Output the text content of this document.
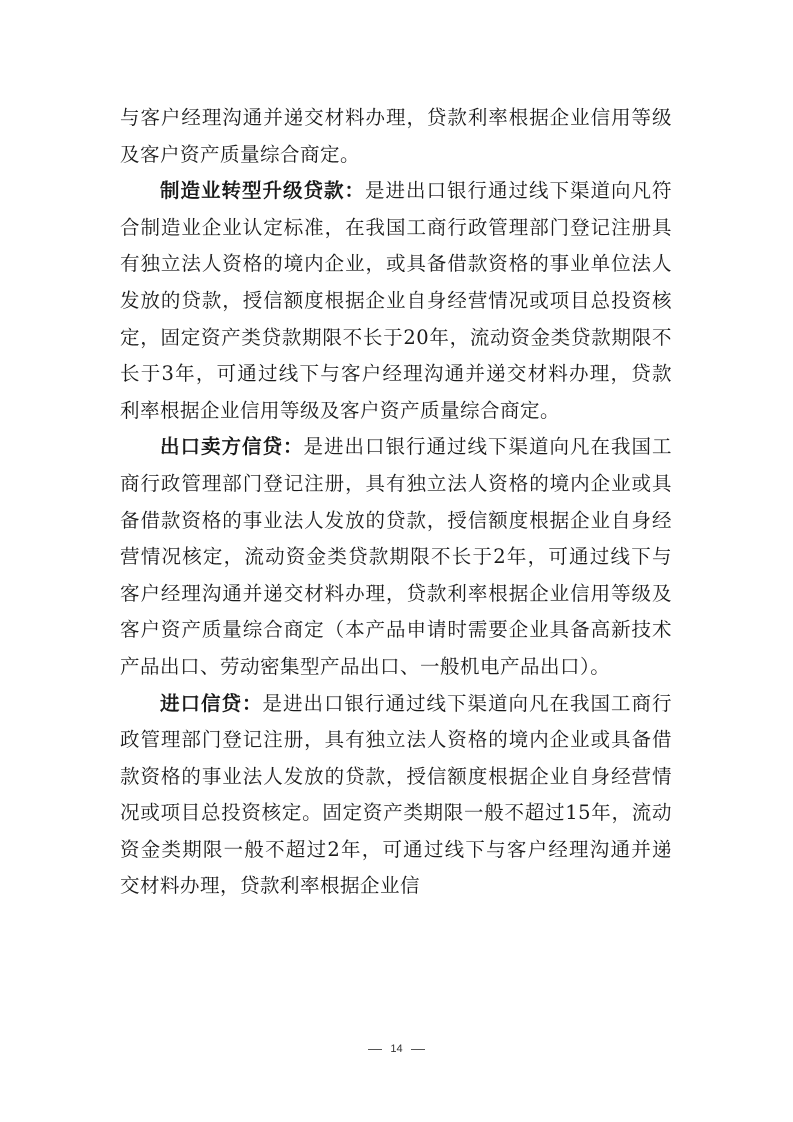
与客户经理沟通并递交材料办理，贷款利率根据企业信用等级及客户资产质量综合商定。

制造业转型升级贷款：是进出口银行通过线下渠道向凡符合制造业企业认定标准，在我国工商行政管理部门登记注册具有独立法人资格的境内企业，或具备借款资格的事业单位法人发放的贷款，授信额度根据企业自身经营情况或项目总投资核定，固定资产类贷款期限不长于20年，流动资金类贷款期限不长于3年，可通过线下与客户经理沟通并递交材料办理，贷款利率根据企业信用等级及客户资产质量综合商定。

出口卖方信贷：是进出口银行通过线下渠道向凡在我国工商行政管理部门登记注册，具有独立法人资格的境内企业或具备借款资格的事业法人发放的贷款，授信额度根据企业自身经营情况核定，流动资金类贷款期限不长于2年，可通过线下与客户经理沟通并递交材料办理，贷款利率根据企业信用等级及客户资产质量综合商定（本产品申请时需要企业具备高新技术产品出口、劳动密集型产品出口、一般机电产品出口）。

进口信贷：是进出口银行通过线下渠道向凡在我国工商行政管理部门登记注册，具有独立法人资格的境内企业或具备借款资格的事业法人发放的贷款，授信额度根据企业自身经营情况或项目总投资核定。固定资产类期限一般不超过15年，流动资金类期限一般不超过2年，可通过线下与客户经理沟通并递交材料办理，贷款利率根据企业信

14
